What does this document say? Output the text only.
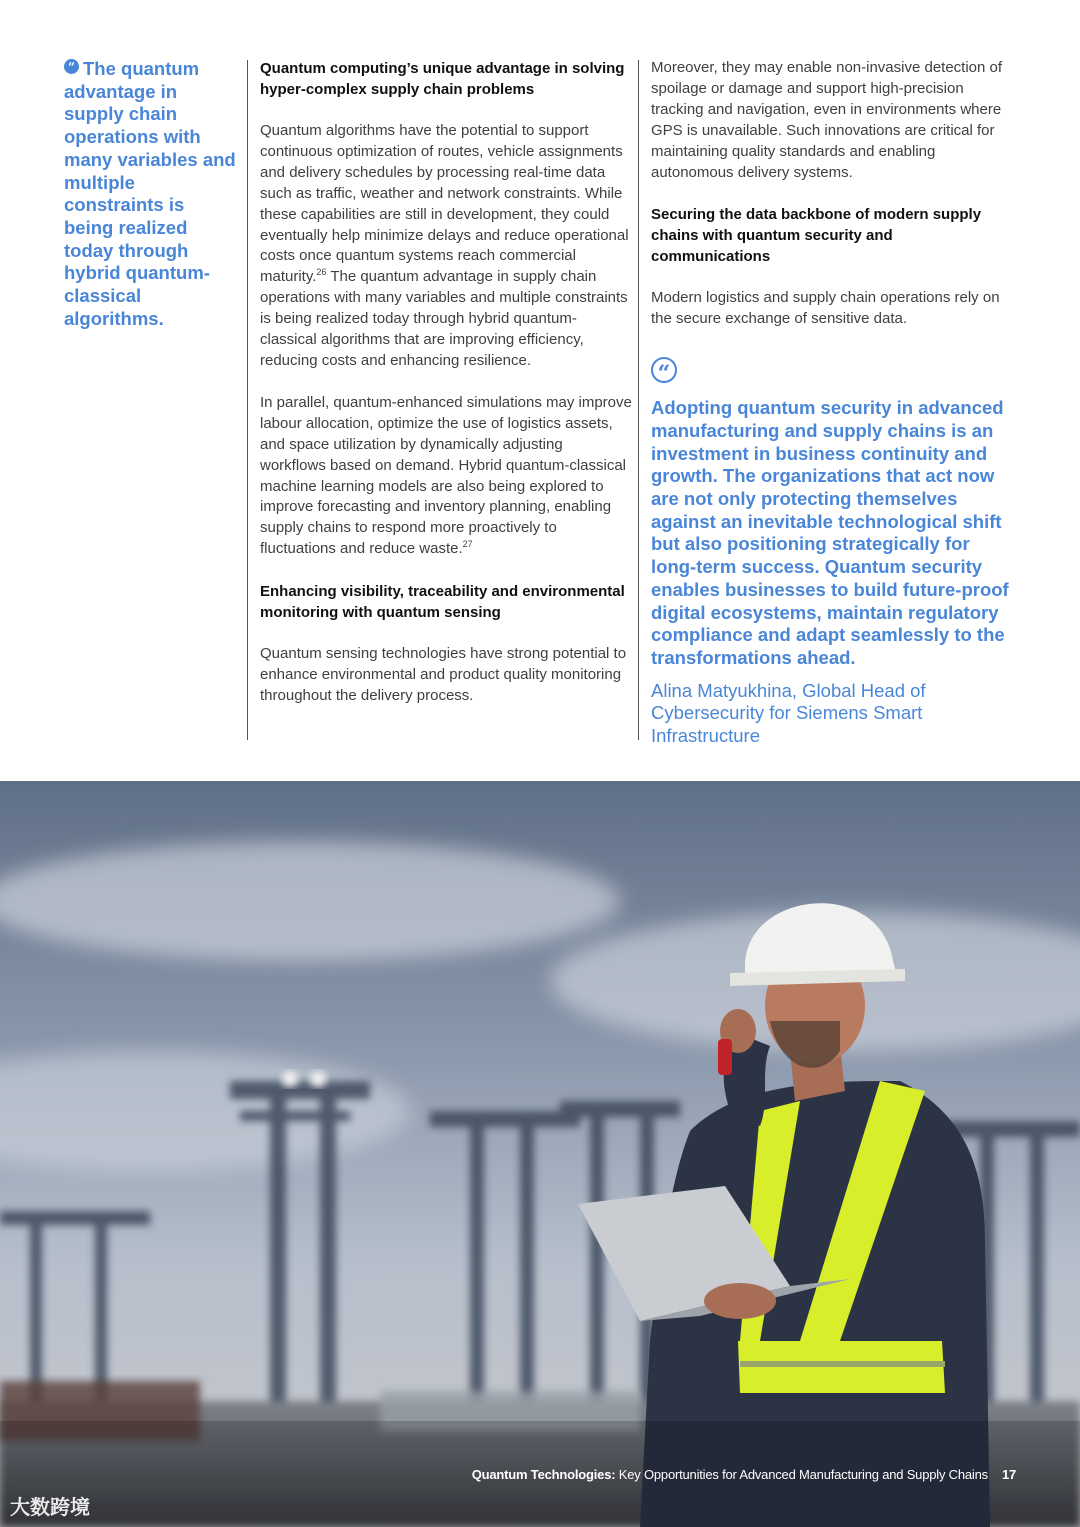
“ The quantum advantage in supply chain operations with many variables and multiple constraints is being realized today through hybrid quantum-classical algorithms.

Quantum computing’s unique advantage in solving hyper-complex supply chain problems

Quantum algorithms have the potential to support continuous optimization of routes, vehicle assignments and delivery schedules by processing real-time data such as traffic, weather and network constraints. While these capabilities are still in development, they could eventually help minimize delays and reduce operational costs once quantum systems reach commercial maturity.$^{26}$ The quantum advantage in supply chain operations with many variables and multiple constraints is being realized today through hybrid quantum-classical algorithms that are improving efficiency, reducing costs and enhancing resilience.

In parallel, quantum-enhanced simulations may improve labour allocation, optimize the use of logistics assets, and space utilization by dynamically adjusting workflows based on demand. Hybrid quantum-classical machine learning models are also being explored to improve forecasting and inventory planning, enabling supply chains to respond more proactively to fluctuations and reduce waste.$^{27}$

Enhancing visibility, traceability and environmental monitoring with quantum sensing

Quantum sensing technologies have strong potential to enhance environmental and product quality monitoring throughout the delivery process.

Moreover, they may enable non-invasive detection of spoilage or damage and support high-precision tracking and navigation, even in environments where GPS is unavailable. Such innovations are critical for maintaining quality standards and enabling autonomous delivery systems.

Securing the data backbone of modern supply chains with quantum security and communications

Modern logistics and supply chain operations rely on the secure exchange of sensitive data.

“

Adopting quantum security in advanced manufacturing and supply chains is an investment in business continuity and growth. The organizations that act now are not only protecting themselves against an inevitable technological shift but also positioning strategically for long-term success. Quantum security enables businesses to build future-proof digital ecosystems, maintain regulatory compliance and adapt seamlessly to the transformations ahead.

Alina Matyukhina, Global Head of Cybersecurity for Siemens Smart Infrastructure

Quantum Technologies: Key Opportunities for Advanced Manufacturing and Supply Chains 17
大数跨境
